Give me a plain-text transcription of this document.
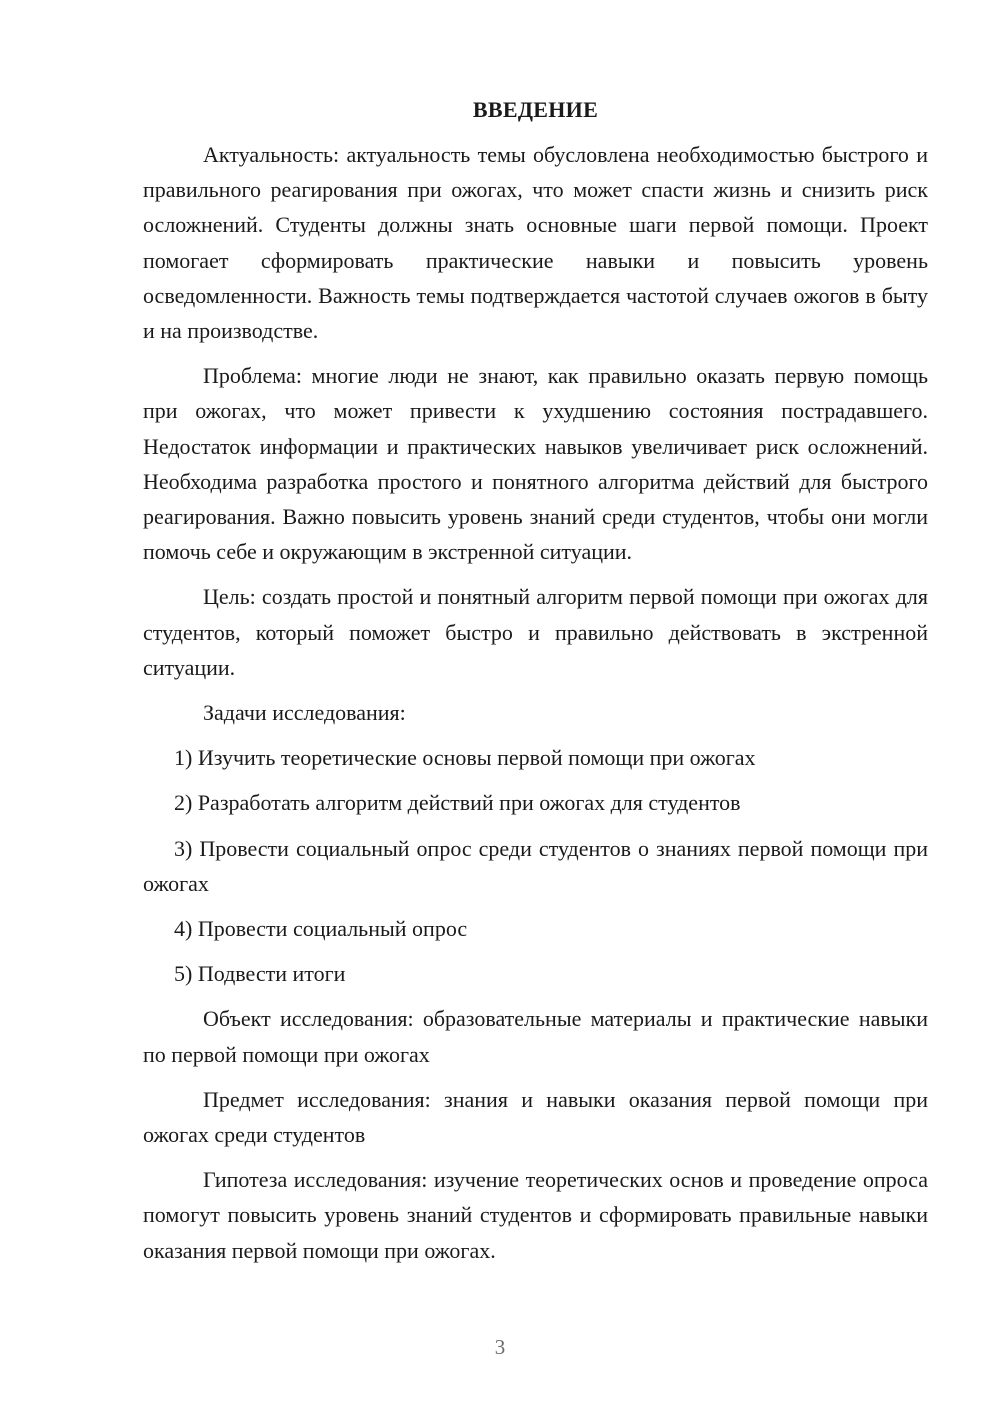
ВВЕДЕНИЕ

Актуальность: актуальность темы обусловлена необходимостью быстрого и правильного реагирования при ожогах, что может спасти жизнь и снизить риск осложнений. Студенты должны знать основные шаги первой помощи. Проект помогает сформировать практические навыки и повысить уровень осведомленности. Важность темы подтверждается частотой случаев ожогов в быту и на производстве.

Проблема: многие люди не знают, как правильно оказать первую помощь при ожогах, что может привести к ухудшению состояния пострадавшего. Недостаток информации и практических навыков увеличивает риск осложнений. Необходима разработка простого и понятного алгоритма действий для быстрого реагирования. Важно повысить уровень знаний среди студентов, чтобы они могли помочь себе и окружающим в экстренной ситуации.

Цель: создать простой и понятный алгоритм первой помощи при ожогах для студентов, который поможет быстро и правильно действовать в экстренной ситуации.

Задачи исследования:

1) Изучить теоретические основы первой помощи при ожогах

2) Разработать алгоритм действий при ожогах для студентов

3) Провести социальный опрос среди студентов о знаниях первой помощи при ожогах

4) Провести социальный опрос

5) Подвести итоги

Объект исследования: образовательные материалы и практические навыки по первой помощи при ожогах

Предмет исследования: знания и навыки оказания первой помощи при ожогах среди студентов

Гипотеза исследования: изучение теоретических основ и проведение опроса помогут повысить уровень знаний студентов и сформировать правильные навыки оказания первой помощи при ожогах.

3
